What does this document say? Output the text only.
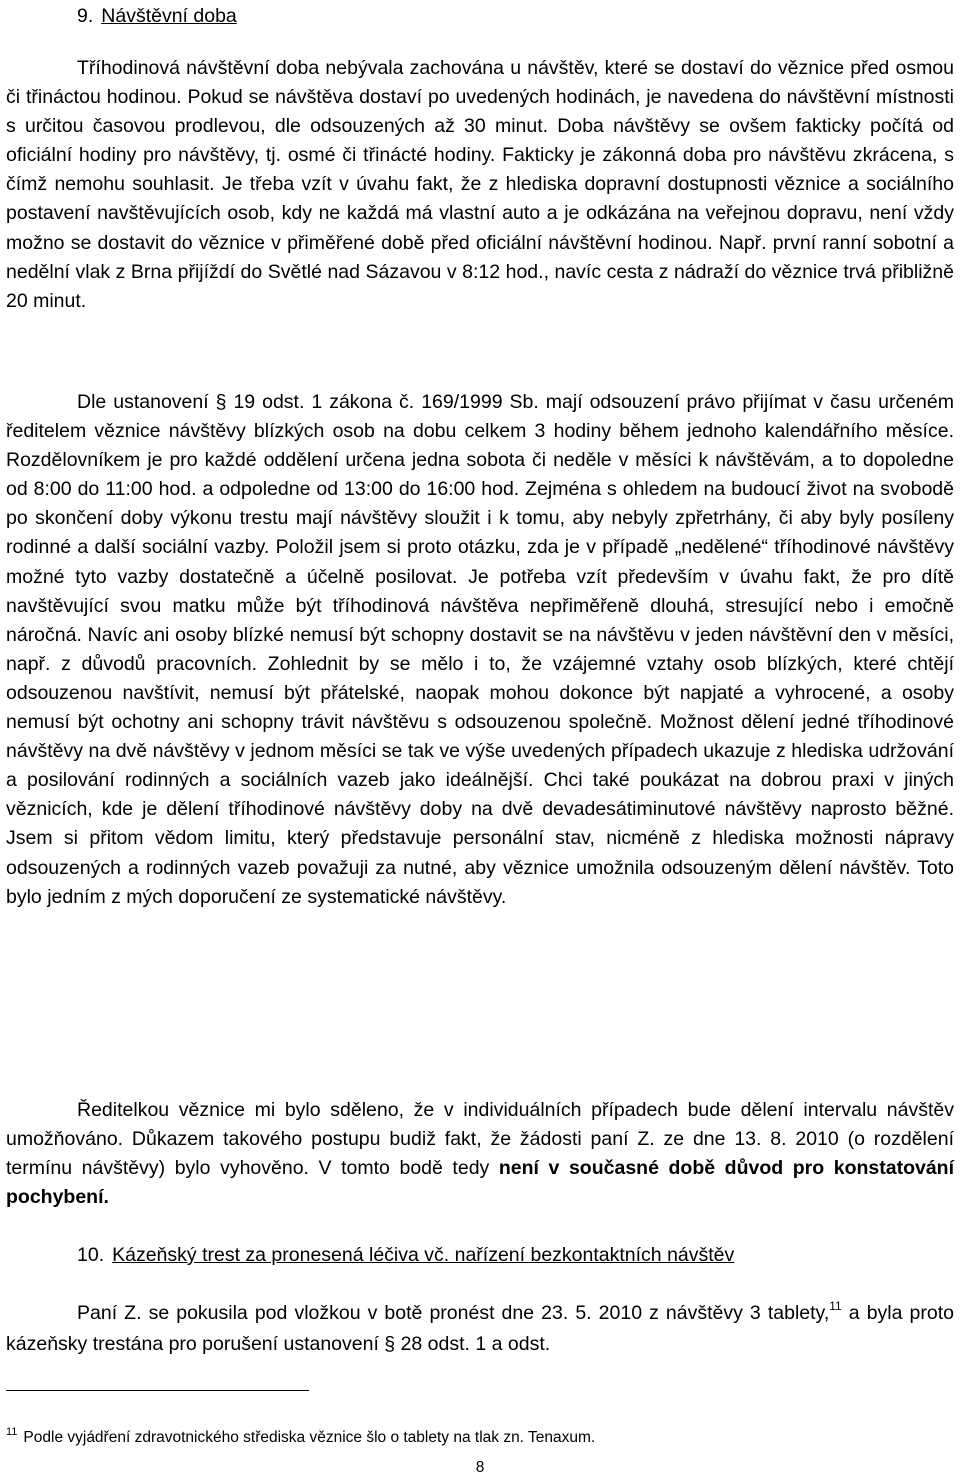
9. Návštěvní doba

Tříhodinová návštěvní doba nebývala zachována u návštěv, které se dostaví do věznice před osmou či třináctou hodinou. Pokud se návštěva dostaví po uvedených hodinách, je navedena do návštěvní místnosti s určitou časovou prodlevou, dle odsouzených až 30 minut. Doba návštěvy se ovšem fakticky počítá od oficiální hodiny pro návštěvy, tj. osmé či třinácté hodiny. Fakticky je zákonná doba pro návštěvu zkrácena, s čímž nemohu souhlasit. Je třeba vzít v úvahu fakt, že z hlediska dopravní dostupnosti věznice a sociálního postavení navštěvujících osob, kdy ne každá má vlastní auto a je odkázána na veřejnou dopravu, není vždy možno se dostavit do věznice v přiměřené době před oficiální návštěvní hodinou. Např. první ranní sobotní a nedělní vlak z Brna přijíždí do Světlé nad Sázavou v 8:12 hod., navíc cesta z nádraží do věznice trvá přibližně 20 minut.

Dle ustanovení § 19 odst. 1 zákona č. 169/1999 Sb. mají odsouzení právo přijímat v času určeném ředitelem věznice návštěvy blízkých osob na dobu celkem 3 hodiny během jednoho kalendářního měsíce. Rozdělovníkem je pro každé oddělení určena jedna sobota či neděle v měsíci k návštěvám, a to dopoledne od 8:00 do 11:00 hod. a odpoledne od 13:00 do 16:00 hod. Zejména s ohledem na budoucí život na svobodě po skončení doby výkonu trestu mají návštěvy sloužit i k tomu, aby nebyly zpřetrhány, či aby byly posíleny rodinné a další sociální vazby. Položil jsem si proto otázku, zda je v případě „nedělené“ tříhodinové návštěvy možné tyto vazby dostatečně a účelně posilovat. Je potřeba vzít především v úvahu fakt, že pro dítě navštěvující svou matku může být tříhodinová návštěva nepřiměřeně dlouhá, stresující nebo i emočně náročná. Navíc ani osoby blízké nemusí být schopny dostavit se na návštěvu v jeden návštěvní den v měsíci, např. z důvodů pracovních. Zohlednit by se mělo i to, že vzájemné vztahy osob blízkých, které chtějí odsouzenou navštívit, nemusí být přátelské, naopak mohou dokonce být napjaté a vyhrocené, a osoby nemusí být ochotny ani schopny trávit návštěvu s odsouzenou společně. Možnost dělení jedné tříhodinové návštěvy na dvě návštěvy v jednom měsíci se tak ve výše uvedených případech ukazuje z hlediska udržování a posilování rodinných a sociálních vazeb jako ideálnější. Chci také poukázat na dobrou praxi v jiných věznicích, kde je dělení tříhodinové návštěvy doby na dvě devadesátiminutové návštěvy naprosto běžné. Jsem si přitom vědom limitu, který představuje personální stav, nicméně z hlediska možnosti nápravy odsouzených a rodinných vazeb považuji za nutné, aby věznice umožnila odsouzeným dělení návštěv. Toto bylo jedním z mých doporučení ze systematické návštěvy.

Ředitelkou věznice mi bylo sděleno, že v individuálních případech bude dělení intervalu návštěv umožňováno. Důkazem takového postupu budiž fakt, že žádosti paní Z. ze dne 13. 8. 2010 (o rozdělení termínu návštěvy) bylo vyhověno. V tomto bodě tedy není v současné době důvod pro konstatování pochybení.

10. Kázeňský trest za pronesená léčiva vč. nařízení bezkontaktních návštěv

Paní Z. se pokusila pod vložkou v botě pronést dne 23. 5. 2010 z návštěvy 3 tablety,$^{11}$ a byla proto kázeňsky trestána pro porušení ustanovení § 28 odst. 1 a odst.

$^{11}$ Podle vyjádření zdravotnického střediska věznice šlo o tablety na tlak zn. Tenaxum.

8
